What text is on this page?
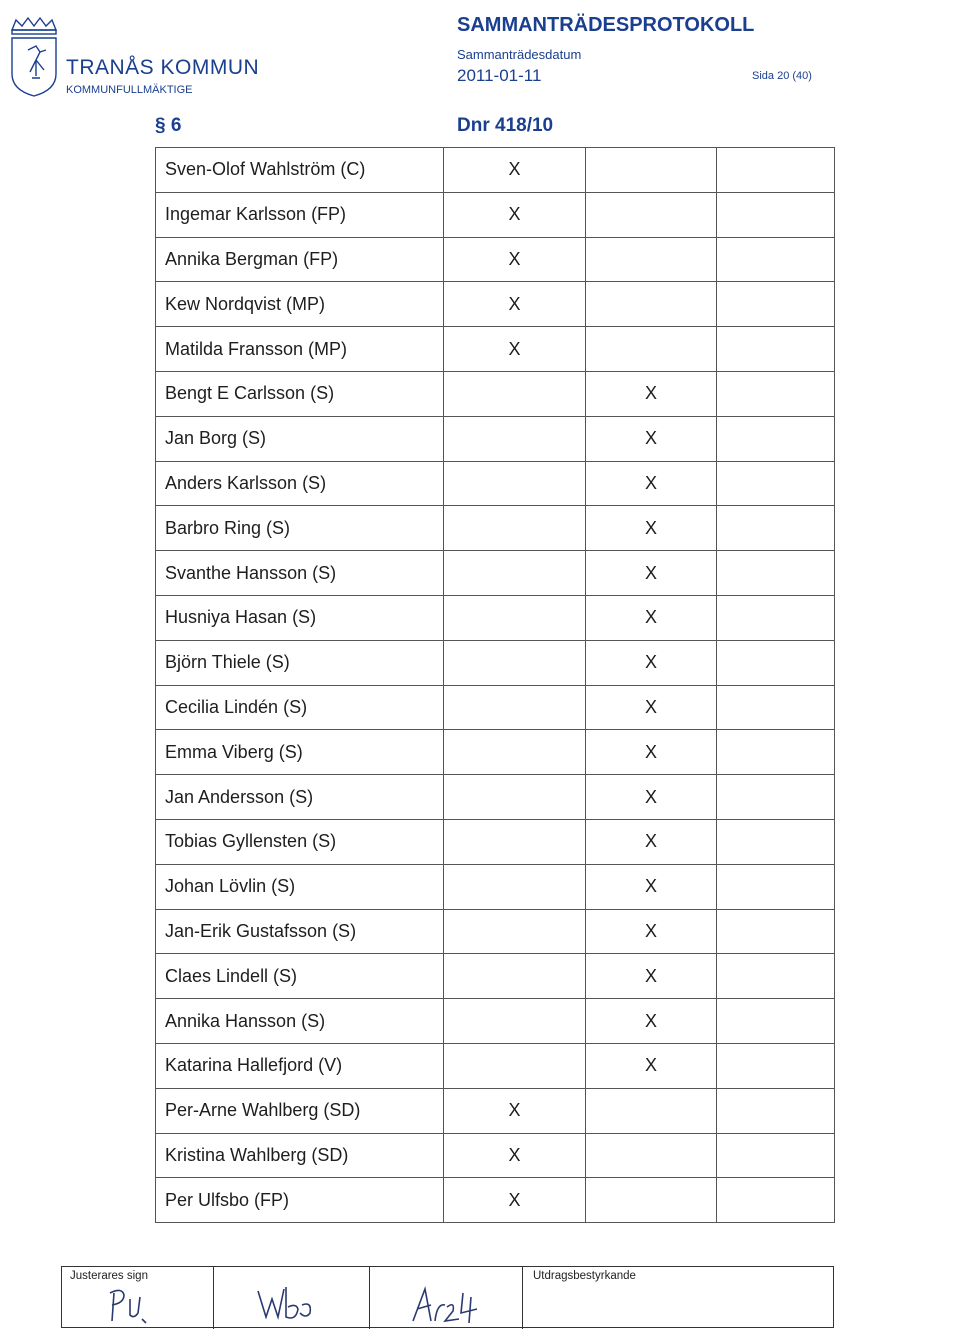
TRANÅS KOMMUN
KOMMUNFULLMÄKTIGE
SAMMANTRÄDESPROTOKOLL
Sammanträdesdatum
2011-01-11	Sida 20 (40)
§ 6	Dnr 418/10
Sven-Olof Wahlström (C)	X		
Ingemar Karlsson (FP)	X		
Annika Bergman (FP)	X		
Kew Nordqvist (MP)	X		
Matilda Fransson (MP)	X		
Bengt E Carlsson (S)		X	
Jan Borg (S)		X	
Anders Karlsson (S)		X	
Barbro Ring (S)		X	
Svanthe Hansson (S)		X	
Husniya Hasan (S)		X	
Björn Thiele (S)		X	
Cecilia Lindén (S)		X	
Emma Viberg (S)		X	
Jan Andersson (S)		X	
Tobias Gyllensten (S)		X	
Johan Lövlin (S)		X	
Jan-Erik Gustafsson (S)		X	
Claes Lindell (S)		X	
Annika Hansson (S)		X	
Katarina Hallefjord (V)		X	
Per-Arne Wahlberg (SD)	X		
Kristina Wahlberg (SD)	X		
Per Ulfsbo (FP)	X		
Justerares sign	Utdragsbestyrkande
